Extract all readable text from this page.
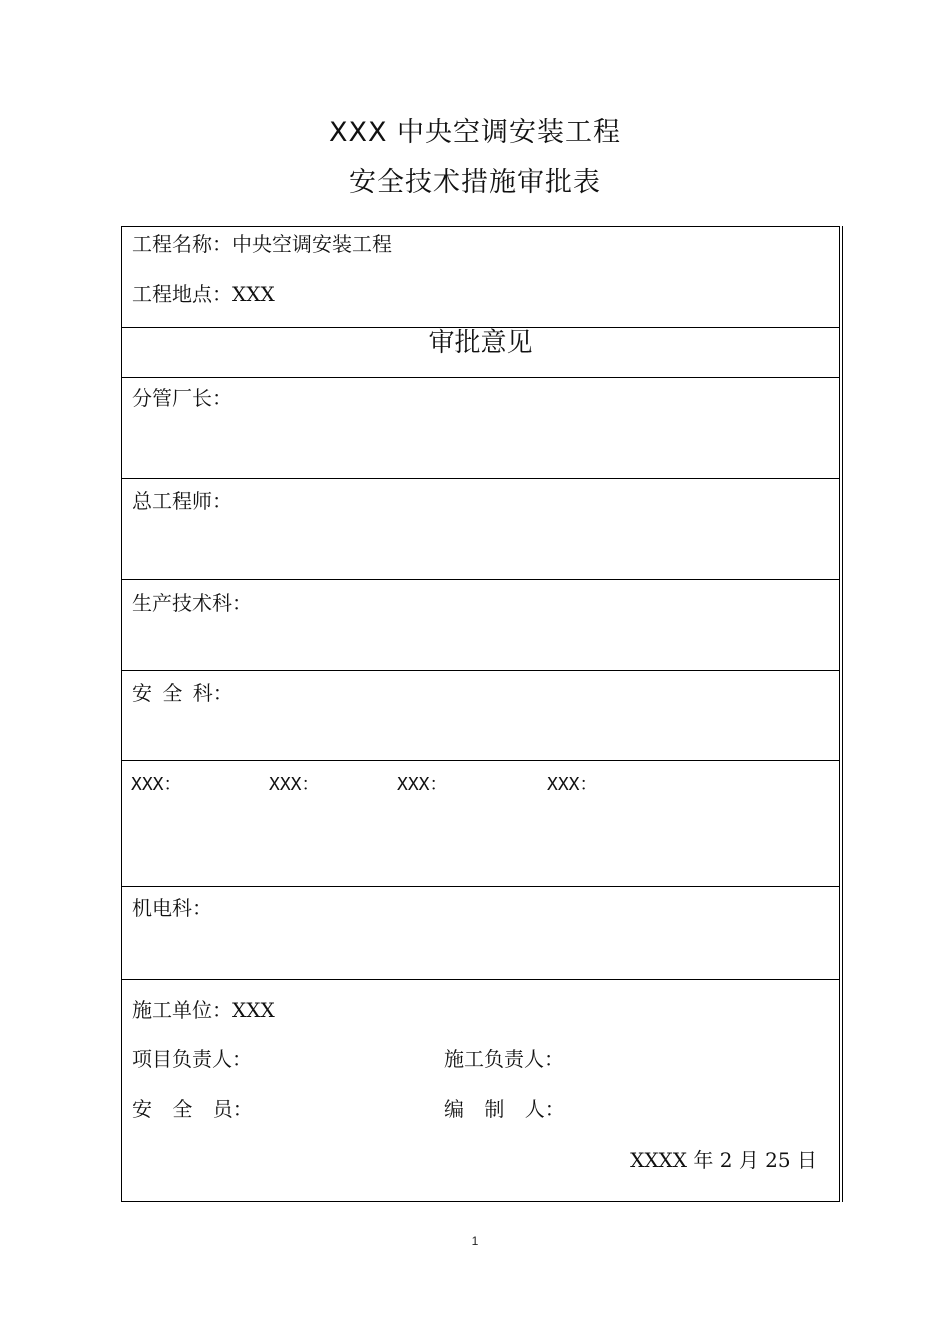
XXX 中央空调安装工程
安全技术措施审批表
工程名称：中央空调安装工程
工程地点：XXX
审批意见
分管厂长：
总工程师：
生产技术科：
安 全 科：
XXX：	XXX：	XXX：	XXX：
机电科：
施工单位：XXX
项目负责人：	施工负责人：
安 全 员：	编 制 人：
XXXX 年 2 月 25 日
1
